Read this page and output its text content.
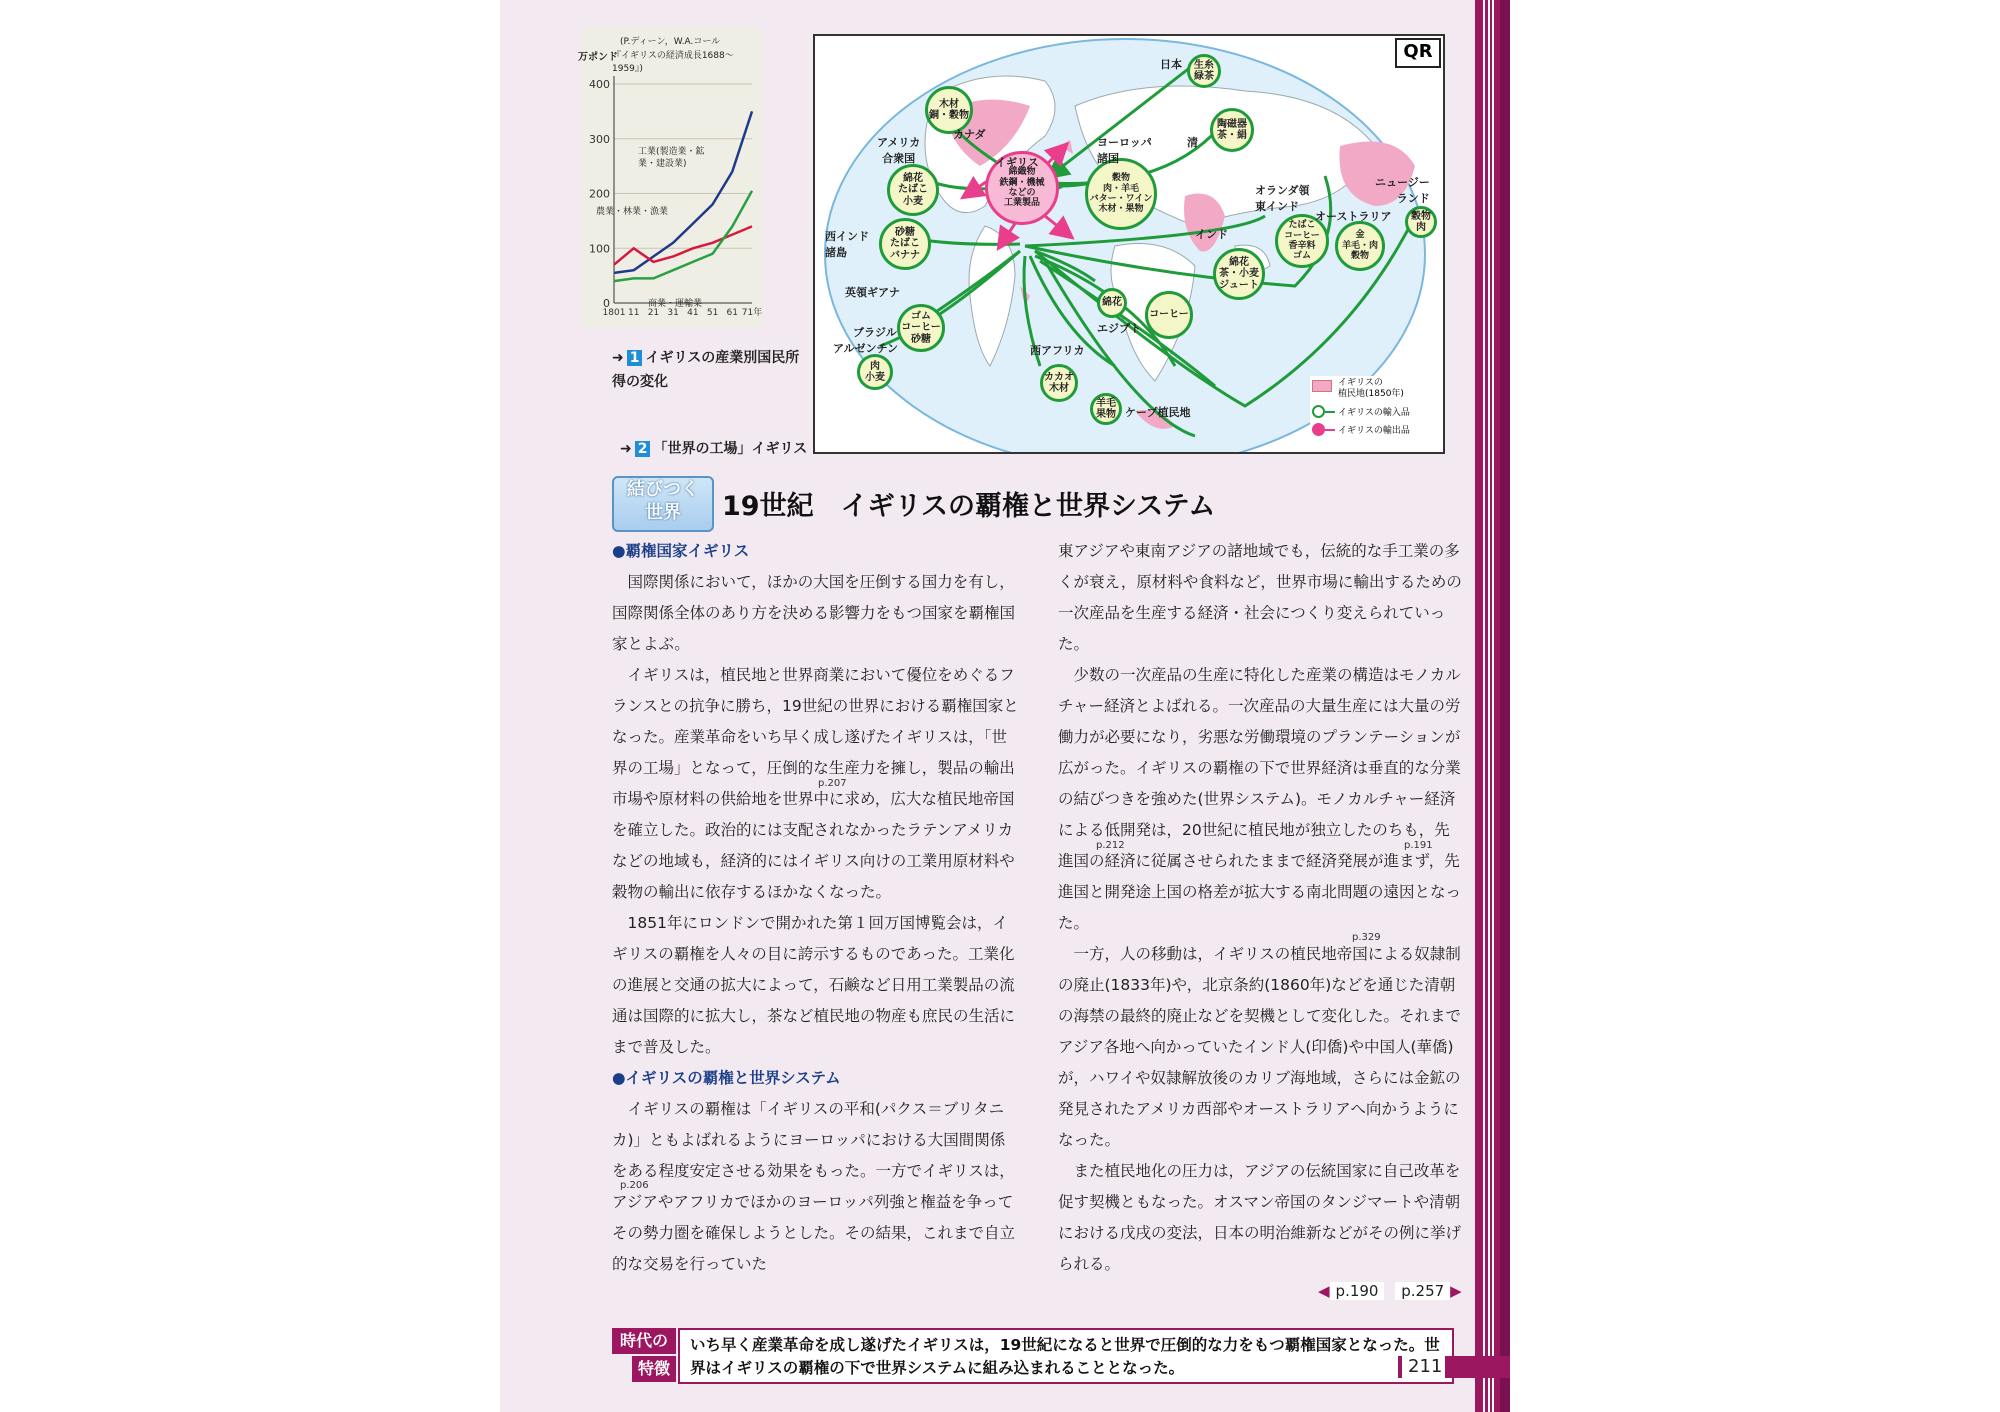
(P.ディーン，W.A.コール
『イギリスの経済成長1688～1959』)
万ポンド
400
300
200
100
0
1801 11 21 31 41 51 61 71年
工業(製造業・鉱業・建設業)
農業・林業・漁業
商業・運輸業
➜ 1 イギリスの産業別国民所得の変化
QR
綿織物
鉄鋼・機械
などの
工業製品
生糸
緑茶
木材
銅・穀物
陶磁器
茶・絹
綿花
たばこ
小麦
穀物
肉・羊毛
バター・ワイン
木材・果物
たばこ
コーヒー
香辛料
ゴム
金
羊毛・肉
穀物
穀物
肉
砂糖
たばこ
バナナ
綿花
茶・小麦
ジュート
綿花
コーヒー
ゴム
コーヒー
砂糖
肉
小麦	カカオ
木材
羊毛
果物
日本
カナダ
アメリカ
合衆国	イギリス
ヨーロッパ
諸国
清
オランダ領
東インド
インド
西インド
諸島
英領ギアナ
ブラジル
アルゼンチン	西アフリカ
エジプト
ケープ植民地
オーストラリア
ニュージー
ランド
イギリスの
植民地(1850年)
イギリスの輸入品
イギリスの輸出品
➜ 2 「世界の工場」イギリス
結びつく
世界	19世紀　イギリスの覇権と世界システム

●覇権国家イギリス

国際関係において，ほかの大国を圧倒する国力を有し，国際関係全体のあり方を決める影響力をもつ国家を覇権国家とよぶ。

イギリスは，植民地と世界商業において優位をめぐるフランスとの抗争に勝ち，19世紀の世界における覇権国家となった。産業革命をいち早く成し遂げたイギリスは，「世界の工場」となって，圧倒的な生産力を擁し，製品の輸出市場や原材料の供給地を世界中に求め，広大な植民地帝国を確立した。政治的には支配されなかったラテンアメリカなどの地域も，経済的にはイギリス向けの工業用原材料や穀物の輸出に依存するほかなくなった。

1851年にロンドンで開かれた第１回万国博覧会は，イギリスの覇権を人々の目に誇示するものであった。工業化の進展と交通の拡大によって，石鹸など日用工業製品の流通は国際的に拡大し，茶など植民地の物産も庶民の生活にまで普及した。

●イギリスの覇権と世界システム

イギリスの覇権は「イギリスの平和(パクス＝ブリタニカ)」ともよばれるようにヨーロッパにおける大国間関係をある程度安定させる効果をもった。一方でイギリスは，アジアやアフリカでほかのヨーロッパ列強と権益を争ってその勢力圏を確保しようとした。その結果，これまで自立的な交易を行っていた

東アジアや東南アジアの諸地域でも，伝統的な手工業の多くが衰え，原材料や食料など，世界市場に輸出するための一次産品を生産する経済・社会につくり変えられていった。

少数の一次産品の生産に特化した産業の構造はモノカルチャー経済とよばれる。一次産品の大量生産には大量の労働力が必要になり，劣悪な労働環境のプランテーションが広がった。イギリスの覇権の下で世界経済は垂直的な分業の結びつきを強めた(世界システム)。モノカルチャー経済による低開発は，20世紀に植民地が独立したのちも，先進国の経済に従属させられたままで経済発展が進まず，先進国と開発途上国の格差が拡大する南北問題の遠因となった。

一方，人の移動は，イギリスの植民地帝国による奴隷制の廃止(1833年)や，北京条約(1860年)などを通じた清朝の海禁の最終的廃止などを契機として変化した。それまでアジア各地へ向かっていたインド人(印僑)や中国人(華僑)が，ハワイや奴隷解放後のカリブ海地域，さらには金鉱の発見されたアメリカ西部やオーストラリアへ向かうようになった。

また植民地化の圧力は，アジアの伝統国家に自己改革を促す契機ともなった。オスマン帝国のタンジマートや清朝における戊戌の変法，日本の明治維新などがその例に挙げられる。

p.207
p.212	p.191
p.329
p.206
◀ p.190 p.257 ▶
時代の
特徴
いち早く産業革命を成し遂げたイギリスは，19世紀になると世界で圧倒的な力をもつ覇権国家となった。世界はイギリスの覇権の下で世界システムに組み込まれることとなった。	211
